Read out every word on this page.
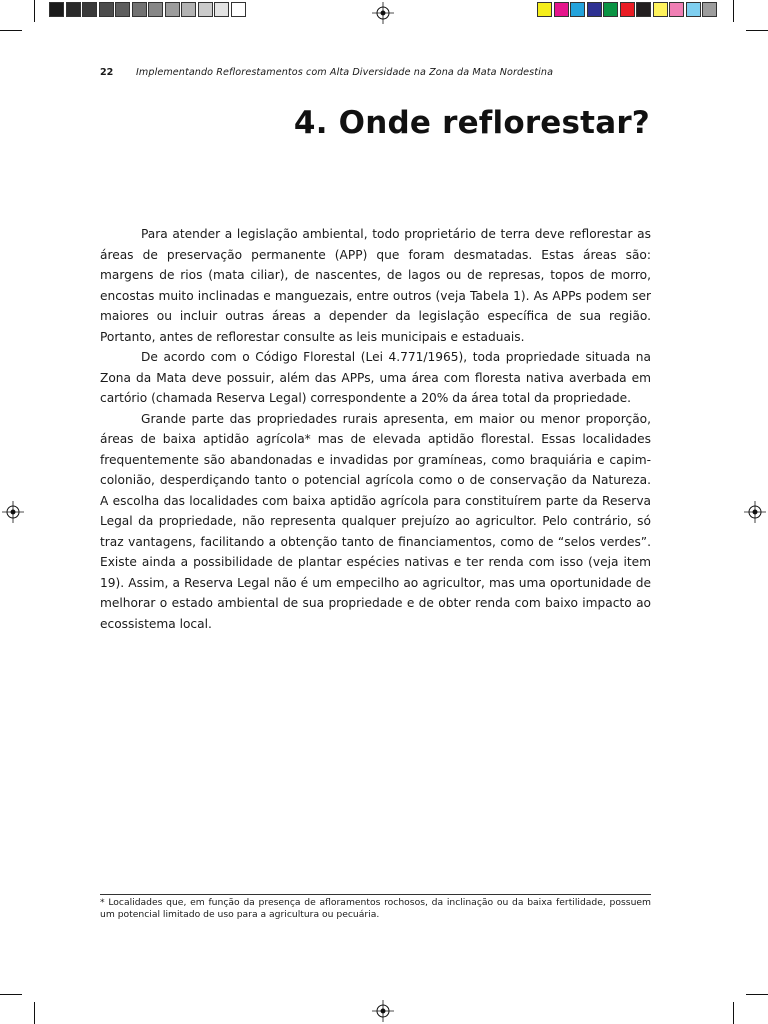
22 Implementando Reflorestamentos com Alta Diversidade na Zona da Mata Nordestina
4. Onde reflorestar?

Para atender a legislação ambiental, todo proprietário de terra deve reflorestar as áreas de preservação permanente (APP) que foram desmatadas. Estas áreas são: margens de rios (mata ciliar), de nascentes, de lagos ou de represas, topos de morro, encostas muito inclinadas e manguezais, entre outros (veja Tabela 1). As APPs podem ser maiores ou incluir outras áreas a depender da legislação específica de sua região. Portanto, antes de reflorestar consulte as leis municipais e estaduais.

De acordo com o Código Florestal (Lei 4.771/1965), toda propriedade situada na Zona da Mata deve possuir, além das APPs, uma área com floresta nativa averbada em cartório (chamada Reserva Legal) correspondente a 20% da área total da propriedade.

Grande parte das propriedades rurais apresenta, em maior ou menor proporção, áreas de baixa aptidão agrícola* mas de elevada aptidão florestal. Essas localidades frequentemente são abandonadas e invadidas por gramíneas, como braquiária e capim-colonião, desperdiçando tanto o potencial agrícola como o de conservação da Natureza. A escolha das localidades com baixa aptidão agrícola para constituírem parte da Reserva Legal da propriedade, não representa qualquer prejuízo ao agricultor. Pelo contrário, só traz vantagens, facilitando a obtenção tanto de financiamentos, como de “selos verdes”. Existe ainda a possibilidade de plantar espécies nativas e ter renda com isso (veja item 19). Assim, a Reserva Legal não é um empecilho ao agricultor, mas uma oportunidade de melhorar o estado ambiental de sua propriedade e de obter renda com baixo impacto ao ecossistema local.

* Localidades que, em função da presença de afloramentos rochosos, da inclinação ou da baixa fertilidade, possuem um potencial limitado de uso para a agricultura ou pecuária.
